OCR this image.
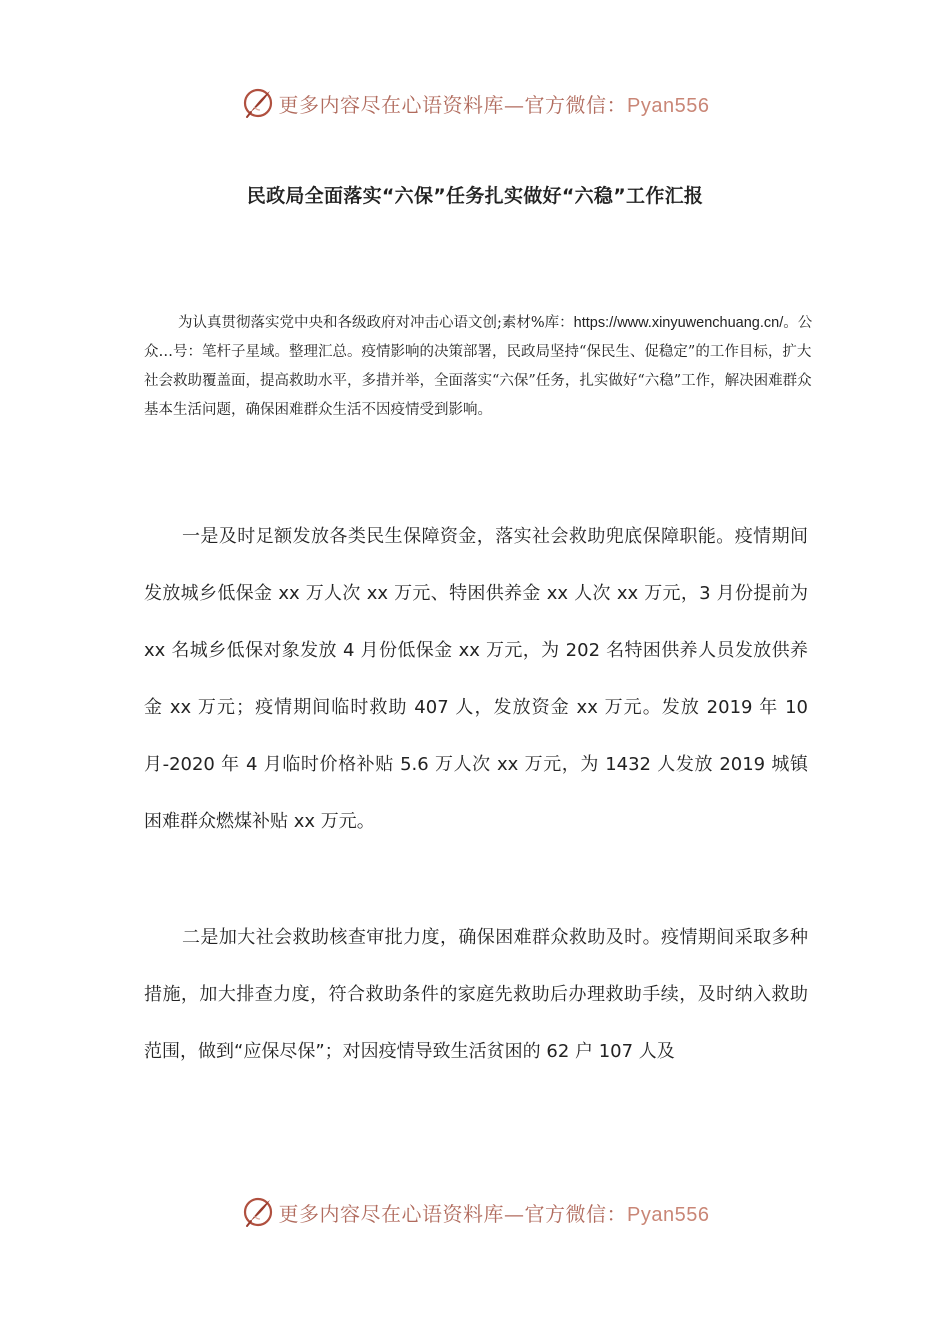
更多内容尽在心语资料库—官方微信：Pyan556
民政局全面落实“六保”任务扎实做好“六稳”工作汇报

为认真贯彻落实党中央和各级政府对冲击心语文创;素材%库：https://www.xinyuwenchuang.cn/。公众…号：笔杆子星域。整理汇总。疫情影响的决策部署，民政局坚持“保民生、促稳定”的工作目标，扩大社会救助覆盖面，提高救助水平，多措并举，全面落实“六保”任务，扎实做好“六稳”工作，解决困难群众基本生活问题，确保困难群众生活不因疫情受到影响。

一是及时足额发放各类民生保障资金，落实社会救助兜底保障职能。疫情期间发放城乡低保金 xx 万人次 xx 万元、特困供养金 xx 人次 xx 万元，3 月份提前为 xx 名城乡低保对象发放 4 月份低保金 xx 万元，为 202 名特困供养人员发放供养金 xx 万元；疫情期间临时救助 407 人，发放资金 xx 万元。发放 2019 年 10 月-2020 年 4 月临时价格补贴 5.6 万人次 xx 万元，为 1432 人发放 2019 城镇困难群众燃煤补贴 xx 万元。

二是加大社会救助核查审批力度，确保困难群众救助及时。疫情期间采取多种措施，加大排查力度，符合救助条件的家庭先救助后办理救助手续，及时纳入救助范围，做到“应保尽保”；对因疫情导致生活贫困的 62 户 107 人及

更多内容尽在心语资料库—官方微信：Pyan556
